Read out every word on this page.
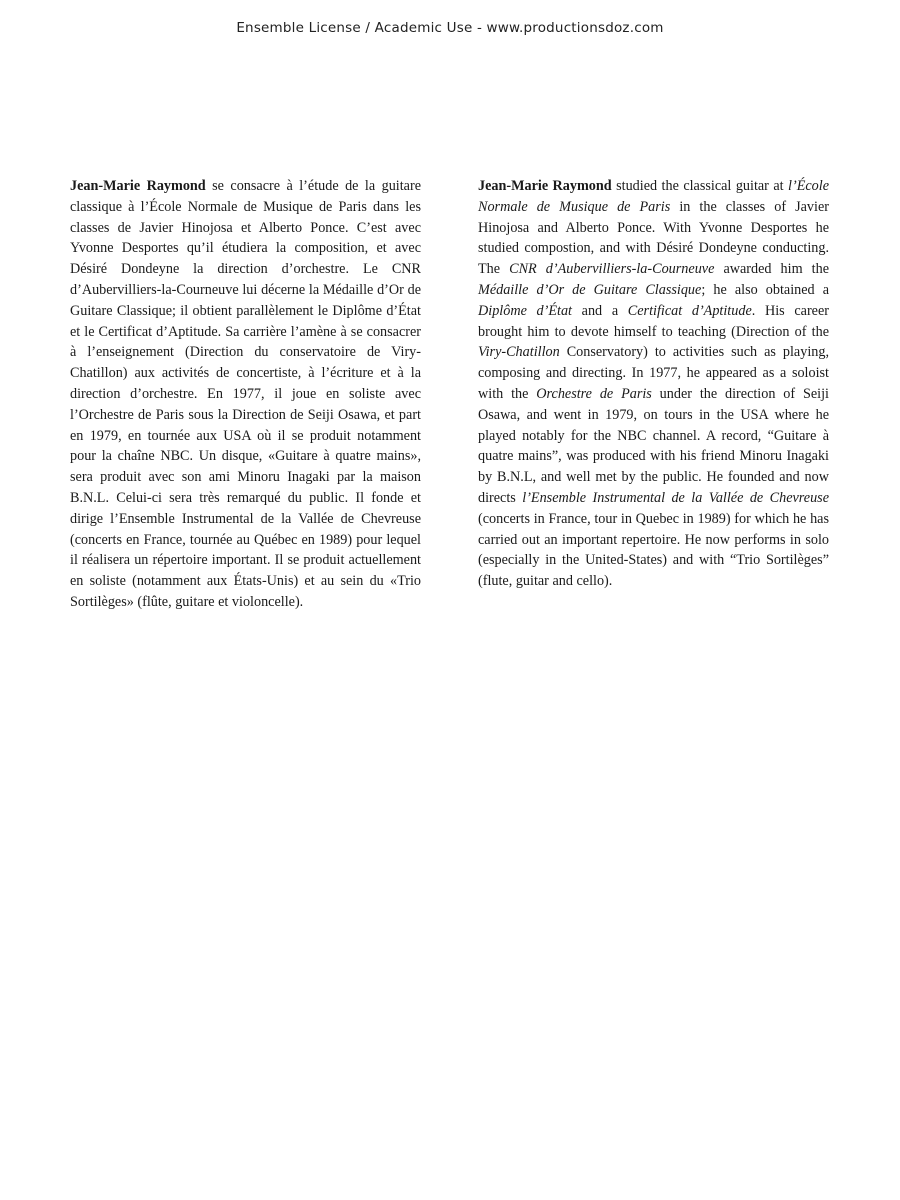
Ensemble License / Academic Use - www.productionsdoz.com

Jean-Marie Raymond se consacre à l’étude de la guitare classique à l’École Normale de Musique de Paris dans les classes de Javier Hinojosa et Alberto Ponce. C’est avec Yvonne Desportes qu’il étudiera la composition, et avec Désiré Dondeyne la direction d’orchestre. Le CNR d’Aubervilliers-la-Courneuve lui décerne la Médaille d’Or de Guitare Classique; il obtient parallèlement le Diplôme d’État et le Certificat d’Aptitude. Sa carrière l’amène à se consacrer à l’enseignement (Direction du conservatoire de Viry-Chatillon) aux activités de concertiste, à l’écriture et à la direction d’orchestre. En 1977, il joue en soliste avec l’Orchestre de Paris sous la Direction de Seiji Osawa, et part en 1979, en tournée aux USA où il se produit notamment pour la chaîne NBC. Un disque, «Guitare à quatre mains», sera produit avec son ami Minoru Inagaki par la maison B.N.L. Celui-ci sera très remarqué du public. Il fonde et dirige l’Ensemble Instrumental de la Vallée de Chevreuse (concerts en France, tournée au Québec en 1989) pour lequel il réalisera un répertoire important. Il se produit actuellement en soliste (notamment aux États-Unis) et au sein du «Trio Sortilèges» (flûte, guitare et violoncelle).

Jean-Marie Raymond studied the classical guitar at l’École Normale de Musique de Paris in the classes of Javier Hinojosa and Alberto Ponce. With Yvonne Desportes he studied compostion, and with Désiré Dondeyne conducting. The CNR d’Aubervilliers-la-Courneuve awarded him the Médaille d’Or de Guitare Classique; he also obtained a Diplôme d’État and a Certificat d’Aptitude. His career brought him to devote himself to teaching (Direction of the Viry-Chatillon Conservatory) to activities such as playing, composing and directing. In 1977, he appeared as a soloist with the Orchestre de Paris under the direction of Seiji Osawa, and went in 1979, on tours in the USA where he played notably for the NBC channel. A record, “Guitare à quatre mains”, was produced with his friend Minoru Inagaki by B.N.L, and well met by the public. He founded and now directs l’Ensemble Instrumental de la Vallée de Chevreuse (concerts in France, tour in Quebec in 1989) for which he has carried out an important repertoire. He now performs in solo (especially in the United-States) and with “Trio Sortilèges” (flute, guitar and cello).
